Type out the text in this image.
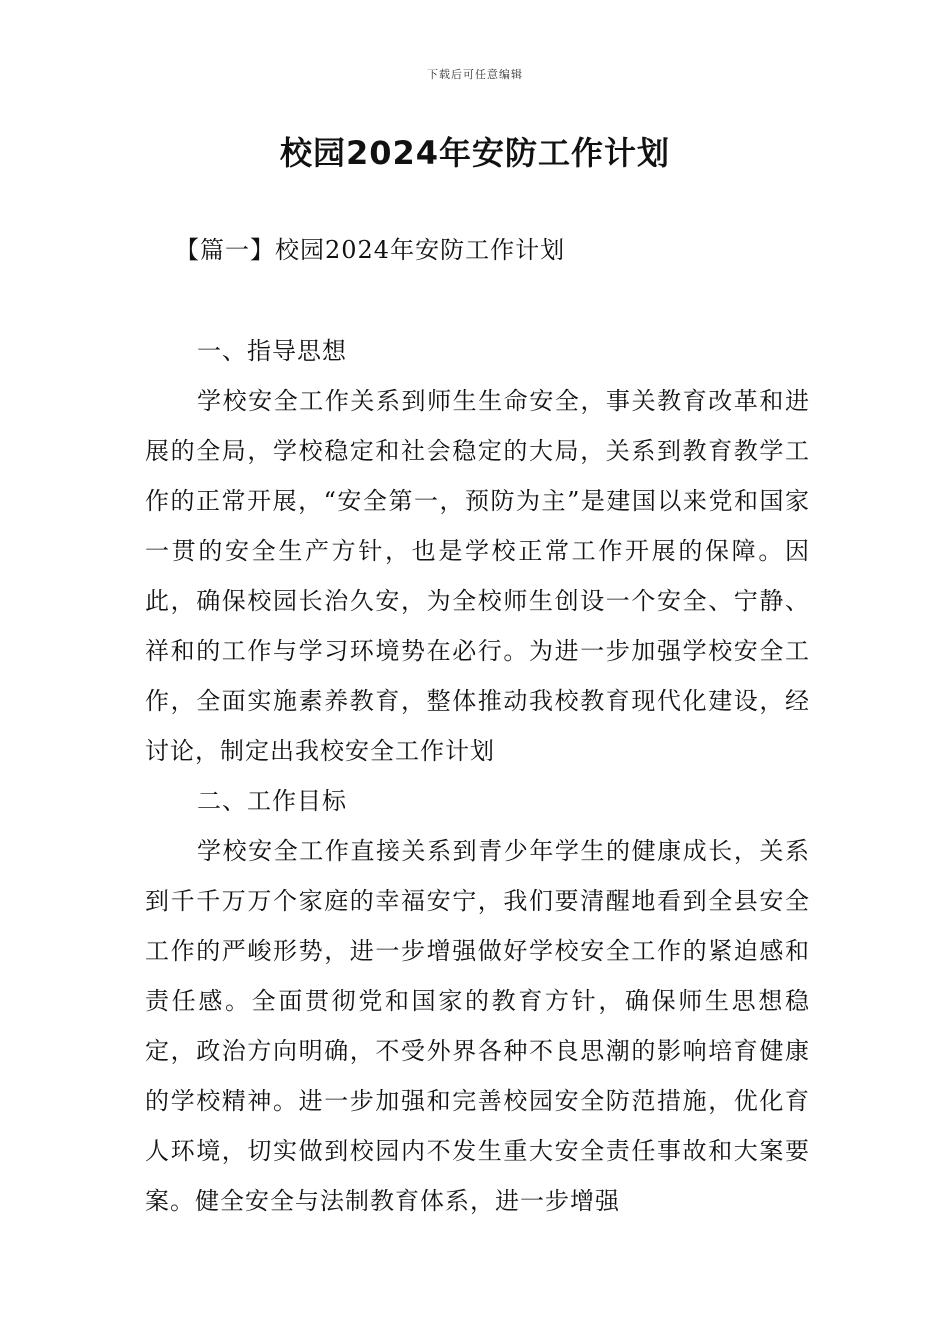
下载后可任意编辑
校园2024年安防工作计划
【篇一】校园2024年安防工作计划

一、指导思想

学校安全工作关系到师生生命安全，事关教育改革和进展的全局，学校稳定和社会稳定的大局，关系到教育教学工作的正常开展，“安全第一，预防为主”是建国以来党和国家一贯的安全生产方针，也是学校正常工作开展的保障。因此，确保校园长治久安，为全校师生创设一个安全、宁静、祥和的工作与学习环境势在必行。为进一步加强学校安全工作，全面实施素养教育，整体推动我校教育现代化建设，经讨论，制定出我校安全工作计划

二、工作目标

学校安全工作直接关系到青少年学生的健康成长，关系到千千万万个家庭的幸福安宁，我们要清醒地看到全县安全工作的严峻形势，进一步增强做好学校安全工作的紧迫感和责任感。全面贯彻党和国家的教育方针，确保师生思想稳定，政治方向明确，不受外界各种不良思潮的影响培育健康的学校精神。进一步加强和完善校园安全防范措施，优化育人环境，切实做到校园内不发生重大安全责任事故和大案要案。健全安全与法制教育体系，进一步增强
